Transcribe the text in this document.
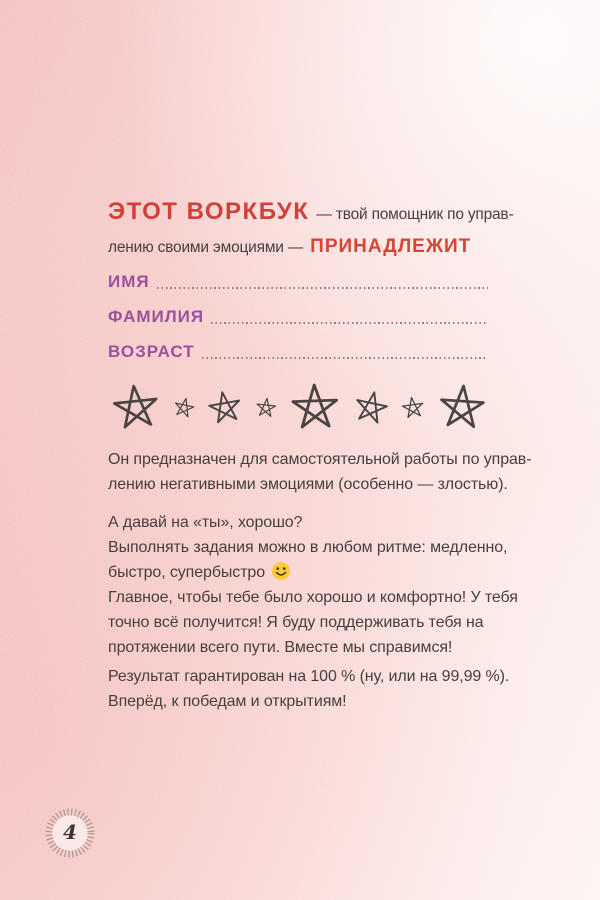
ЭТОТ ВОРКБУК — твой помощник по управ-
лению своими эмоциями — ПРИНАДЛЕЖИТ
ИМЯ
ФАМИЛИЯ
ВОЗРАСТ
Он предназначен для самостоятельной работы по управ-
лению негативными эмоциями (особенно — злостью).
А давай на «ты», хорошо?
Выполнять задания можно в любом ритме: медленно,
быстро, супербыстро
Главное, чтобы тебе было хорошо и комфортно! У тебя
точно всё получится! Я буду поддерживать тебя на
протяжении всего пути. Вместе мы справимся!
Результат гарантирован на 100 % (ну, или на 99,99 %).
Вперёд, к победам и открытиям!
4
